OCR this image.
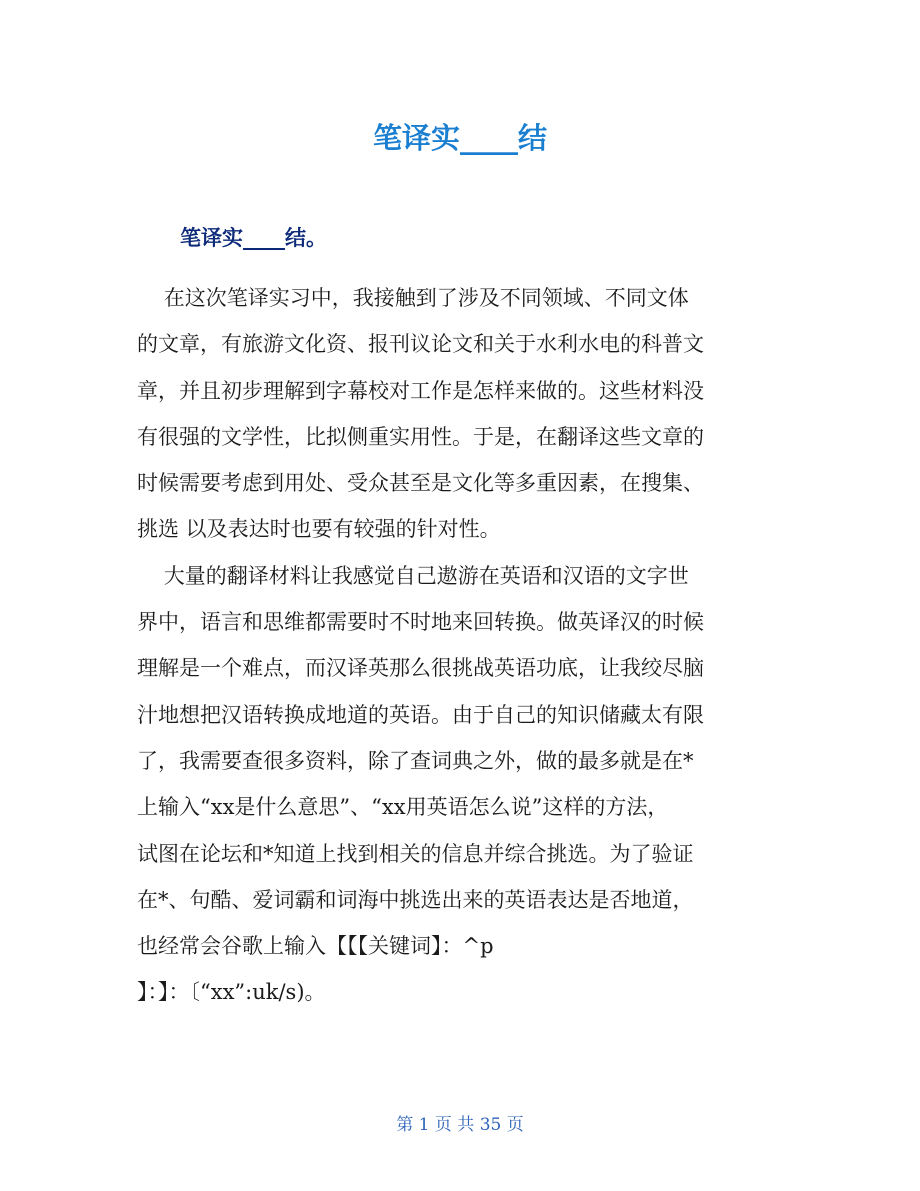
笔译实____结
笔译实____结。
在这次笔译实习中，我接触到了涉及不同领域、不同文体
的文章，有旅游文化资、报刊议论文和关于水利水电的科普文
章，并且初步理解到字幕校对工作是怎样来做的。这些材料没
有很强的文学性，比拟侧重实用性。于是，在翻译这些文章的
时候需要考虑到用处、受众甚至是文化等多重因素，在搜集、
挑选 以及表达时也要有较强的针对性。
大量的翻译材料让我感觉自己遨游在英语和汉语的文字世
界中，语言和思维都需要时不时地来回转换。做英译汉的时候
理解是一个难点，而汉译英那么很挑战英语功底，让我绞尽脑
汁地想把汉语转换成地道的英语。由于自己的知识储藏太有限
了，我需要查很多资料，除了查词典之外，做的最多就是在*
上输入“xx是什么意思”、“xx用英语怎么说”这样的方法，
试图在论坛和*知道上找到相关的信息并综合挑选。为了验证
在*、句酷、爱词霸和词海中挑选出来的英语表达是否地道，
也经常会谷歌上输入【【【关键词】：^p
】：】：〔“xx”:uk/s)。
第 1 页 共 35 页
